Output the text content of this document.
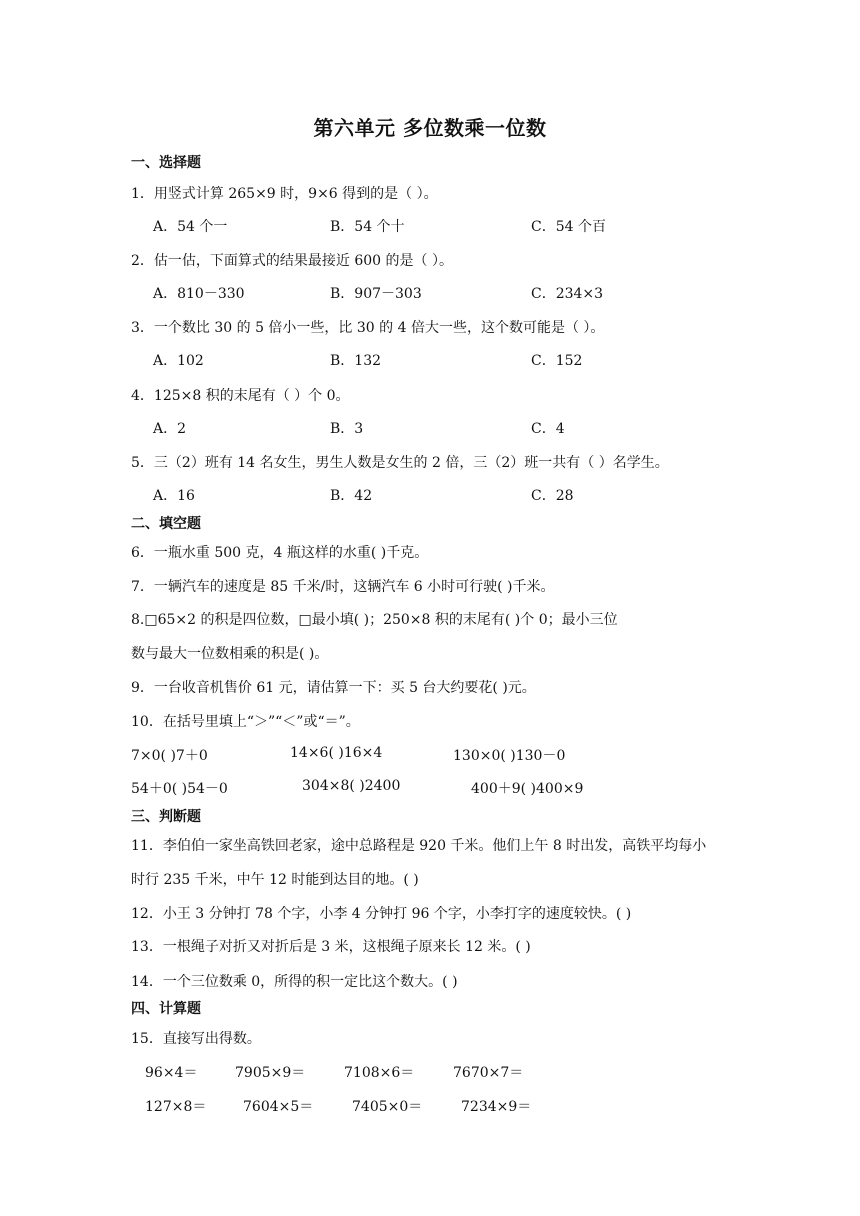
第六单元 多位数乘一位数
一、选择题
1．用竖式计算 265×9 时，9×6 得到的是（ ）。
A．54 个一	B．54 个十	C．54 个百
2．估一估，下面算式的结果最接近 600 的是（ ）。
A．810－330	B．907－303	C．234×3
3．一个数比 30 的 5 倍小一些，比 30 的 4 倍大一些，这个数可能是（ ）。
A．102	B．132	C．152
4．125×8 积的末尾有（ ）个 0。
A．2	B．3	C．4
5．三（2）班有 14 名女生，男生人数是女生的 2 倍，三（2）班一共有（ ）名学生。
A．16	B．42	C．28
二、填空题
6．一瓶水重 500 克，4 瓶这样的水重( )千克。
7．一辆汽车的速度是 85 千米/时，这辆汽车 6 小时可行驶( )千米。
8.□65×2 的积是四位数，□最小填( )；250×8 积的末尾有( )个 0；最小三位
数与最大一位数相乘的积是( )。
9．一台收音机售价 61 元，请估算一下：买 5 台大约要花( )元。
10．在括号里填上“＞”“＜”或“＝”。
7×0( )7＋0	14×6( )16×4	130×0( )130－0
54＋0( )54－0	304×8( )2400	400＋9( )400×9
三、判断题
11．李伯伯一家坐高铁回老家，途中总路程是 920 千米。他们上午 8 时出发，高铁平均每小
时行 235 千米，中午 12 时能到达目的地。( )
12．小王 3 分钟打 78 个字，小李 4 分钟打 96 个字，小李打字的速度较快。( )
13．一根绳子对折又对折后是 3 米，这根绳子原来长 12 米。( )
14．一个三位数乘 0，所得的积一定比这个数大。( )
四、计算题
15．直接写出得数。
96×4＝	7905×9＝	7108×6＝	7670×7＝
127×8＝	7604×5＝	7405×0＝	7234×9＝
